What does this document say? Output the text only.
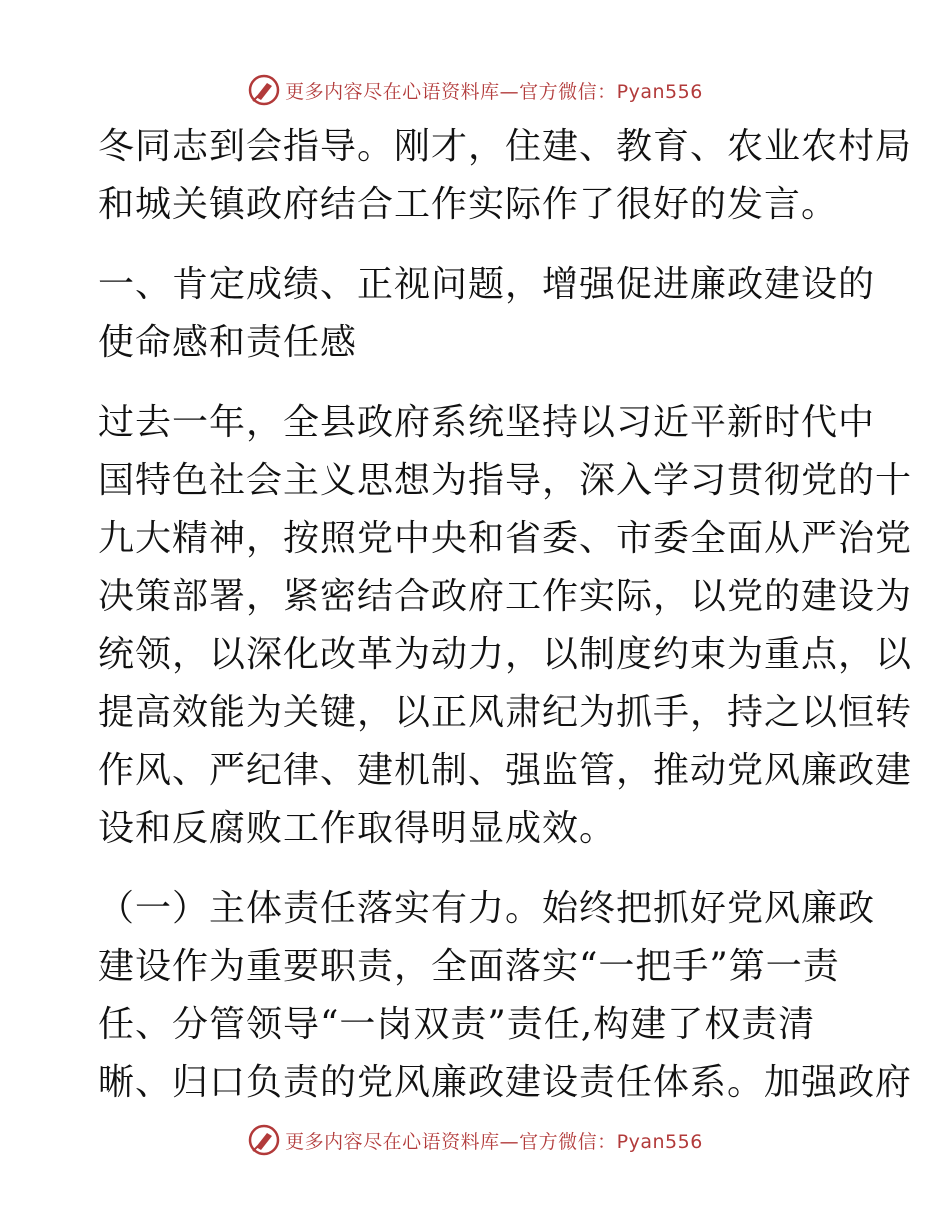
更多内容尽在心语资料库—官方微信：Pyan556

冬同志到会指导。刚才，住建、教育、农业农村局
和城关镇政府结合工作实际作了很好的发言。

一、肯定成绩、正视问题，增强促进廉政建设的
使命感和责任感

过去一年，全县政府系统坚持以习近平新时代中
国特色社会主义思想为指导，深入学习贯彻党的十
九大精神，按照党中央和省委、市委全面从严治党
决策部署，紧密结合政府工作实际，以党的建设为
统领，以深化改革为动力，以制度约束为重点，以
提高效能为关键，以正风肃纪为抓手，持之以恒转
作风、严纪律、建机制、强监管，推动党风廉政建
设和反腐败工作取得明显成效。

（一）主体责任落实有力。始终把抓好党风廉政
建设作为重要职责，全面落实“一把手”第一责
任、分管领导“一岗双责”责任,构建了权责清
晰、归口负责的党风廉政建设责任体系。加强政府

更多内容尽在心语资料库—官方微信：Pyan556
